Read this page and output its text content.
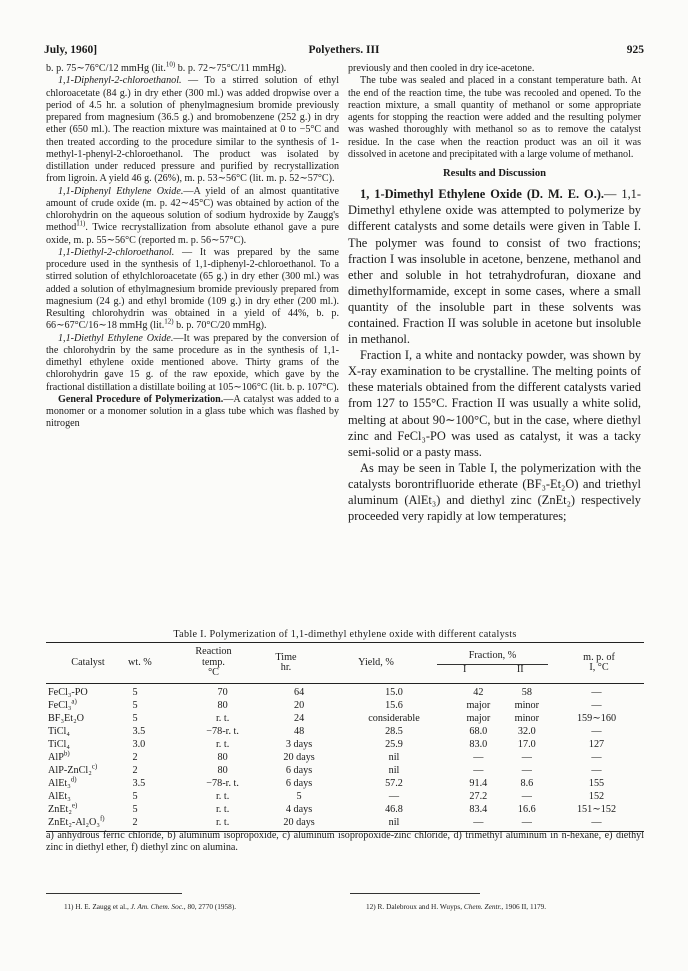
July, 1960]	Polyethers. III	925

b. p. 75∼76°C/12 mmHg (lit.$^{10)}$ b. p. 72∼75°C/11 mmHg).

1,1-Diphenyl-2-chloroethanol. — To a stirred solution of ethyl chloroacetate (84 g.) in dry ether (300 ml.) was added dropwise over a period of 4.5 hr. a solution of phenylmagnesium bromide previously prepared from magnesium (36.5 g.) and bromobenzene (252 g.) in dry ether (650 ml.). The reaction mixture was maintained at 0 to −5°C and then treated according to the procedure similar to the synthesis of 1-methyl-1-phenyl-2-chloroethanol. The product was isolated by distillation under reduced pressure and purified by recrystallization from ligroin. A yield 46 g. (26%), m. p. 53∼56°C (lit. m. p. 52∼57°C).

1,1-Diphenyl Ethylene Oxide.—A yield of an almost quantitative amount of crude oxide (m. p. 42∼45°C) was obtained by action of the chlorohydrin on the aqueous solution of sodium hydroxide by Zaugg's method$^{11)}$. Twice recrystallization from absolute ethanol gave a pure oxide, m. p. 55∼56°C (reported m. p. 56∼57°C).

1,1-Diethyl-2-chloroethanol. — It was prepared by the same procedure used in the synthesis of 1,1-diphenyl-2-chloroethanol. To a stirred solution of ethylchloroacetate (65 g.) in dry ether (300 ml.) was added a solution of ethylmagnesium bromide previously prepared from magnesium (24 g.) and ethyl bromide (109 g.) in dry ether (200 ml.). Resulting chlorohydrin was obtained in a yield of 44%, b. p. 66∼67°C/16∼18 mmHg (lit.$^{12)}$ b. p. 70°C/20 mmHg).

1,1-Diethyl Ethylene Oxide.—It was prepared by the conversion of the chlorohydrin by the same procedure as in the synthesis of 1,1-dimethyl ethylene oxide mentioned above. Thirty grams of the chlorohydrin gave 15 g. of the raw epoxide, which gave by the fractional distillation a distillate boiling at 105∼106°C (lit. b. p. 107°C).

General Procedure of Polymerization.—A catalyst was added to a monomer or a monomer solution in a glass tube which was flashed by nitrogen

previously and then cooled in dry ice-acetone.

The tube was sealed and placed in a constant temperature bath. At the end of the reaction time, the tube was recooled and opened. To the reaction mixture, a small quantity of methanol or some appropriate agents for stopping the reaction were added and the resulting polymer was washed thoroughly with methanol so as to remove the catalyst residue. In the case when the reaction product was an oil it was dissolved in acetone and precipitated with a large volume of methanol.

Results and Discussion

1, 1-Dimethyl Ethylene Oxide (D. M. E. O.).— 1,1-Dimethyl ethylene oxide was attempted to polymerize by different catalysts and some details were given in Table I. The polymer was found to consist of two fractions; fraction I was insoluble in acetone, benzene, methanol and ether and soluble in hot tetrahydrofuran, dioxane and dimethylformamide, except in some cases, where a small quantity of the insoluble part in these solvents was contained. Fraction II was soluble in acetone but insoluble in methanol.

Fraction I, a white and nontacky powder, was shown by X-ray examination to be crystalline. The melting points of these materials obtained from the different catalysts varied from 127 to 155°C. Fraction II was usually a white solid, melting at about 90∼100°C, but in the case, where diethyl zinc and FeCl₃-PO was used as catalyst, it was a tacky semi-solid or a pasty mass.

As may be seen in Table I, the polymerization with the catalysts borontrifluoride etherate (BF₃-Et₂O) and triethyl aluminum (AlEt₃) and diethyl zinc (ZnEt₂) respectively proceeded very rapidly at low temperatures;

Table I. Polymerization of 1,1-dimethyl ethylene oxide with different catalysts
Catalyst	wt. %	
Reaction
temp.
°C

Time
hr.	Yield, %	
Fraction, %
I	II

m. p. of
I, °C
FeCl₃-PO	5	70	64	15.0	42	58	—
FeCl₃$^{a)}$	5	80	20	15.6	major	minor	—
BF₃Et₂O	5	r. t.	24	considerable	major	minor	159∼160
TiCl₄	3.5	−78-r. t.	48	28.5	68.0	32.0	—
TiCl₄	3.0	r. t.	3 days	25.9	83.0	17.0	127
AlP$^{b)}$	2	80	20 days	nil	—	—	—
AlP-ZnCl₂$^{c)}$	2	80	6 days	nil	—	—	—
AlEt₃$^{d)}$	3.5	−78-r. t.	6 days	57.2	91.4	8.6	155
AlEt₃	5	r. t.	5	—	27.2	—	152
ZnEt₂$^{e)}$	5	r. t.	4 days	46.8	83.4	16.6	151∼152
ZnEt₂-Al₂O₃$^{f)}$	2	r. t.	20 days	nil	—	—	—
a) anhydrous ferric chloride, b) aluminum isopropoxide, c) aluminum isopropoxide-zinc chloride, d) trimethyl aluminum in n-hexane, e) diethyl zinc in diethyl ether, f) diethyl zinc on alumina.
11) H. E. Zaugg et al., J. Am. Chem. Soc., 80, 2770 (1958).	12) R. Dalebroux and H. Wuyps, Chem. Zentr., 1906 II, 1179.
